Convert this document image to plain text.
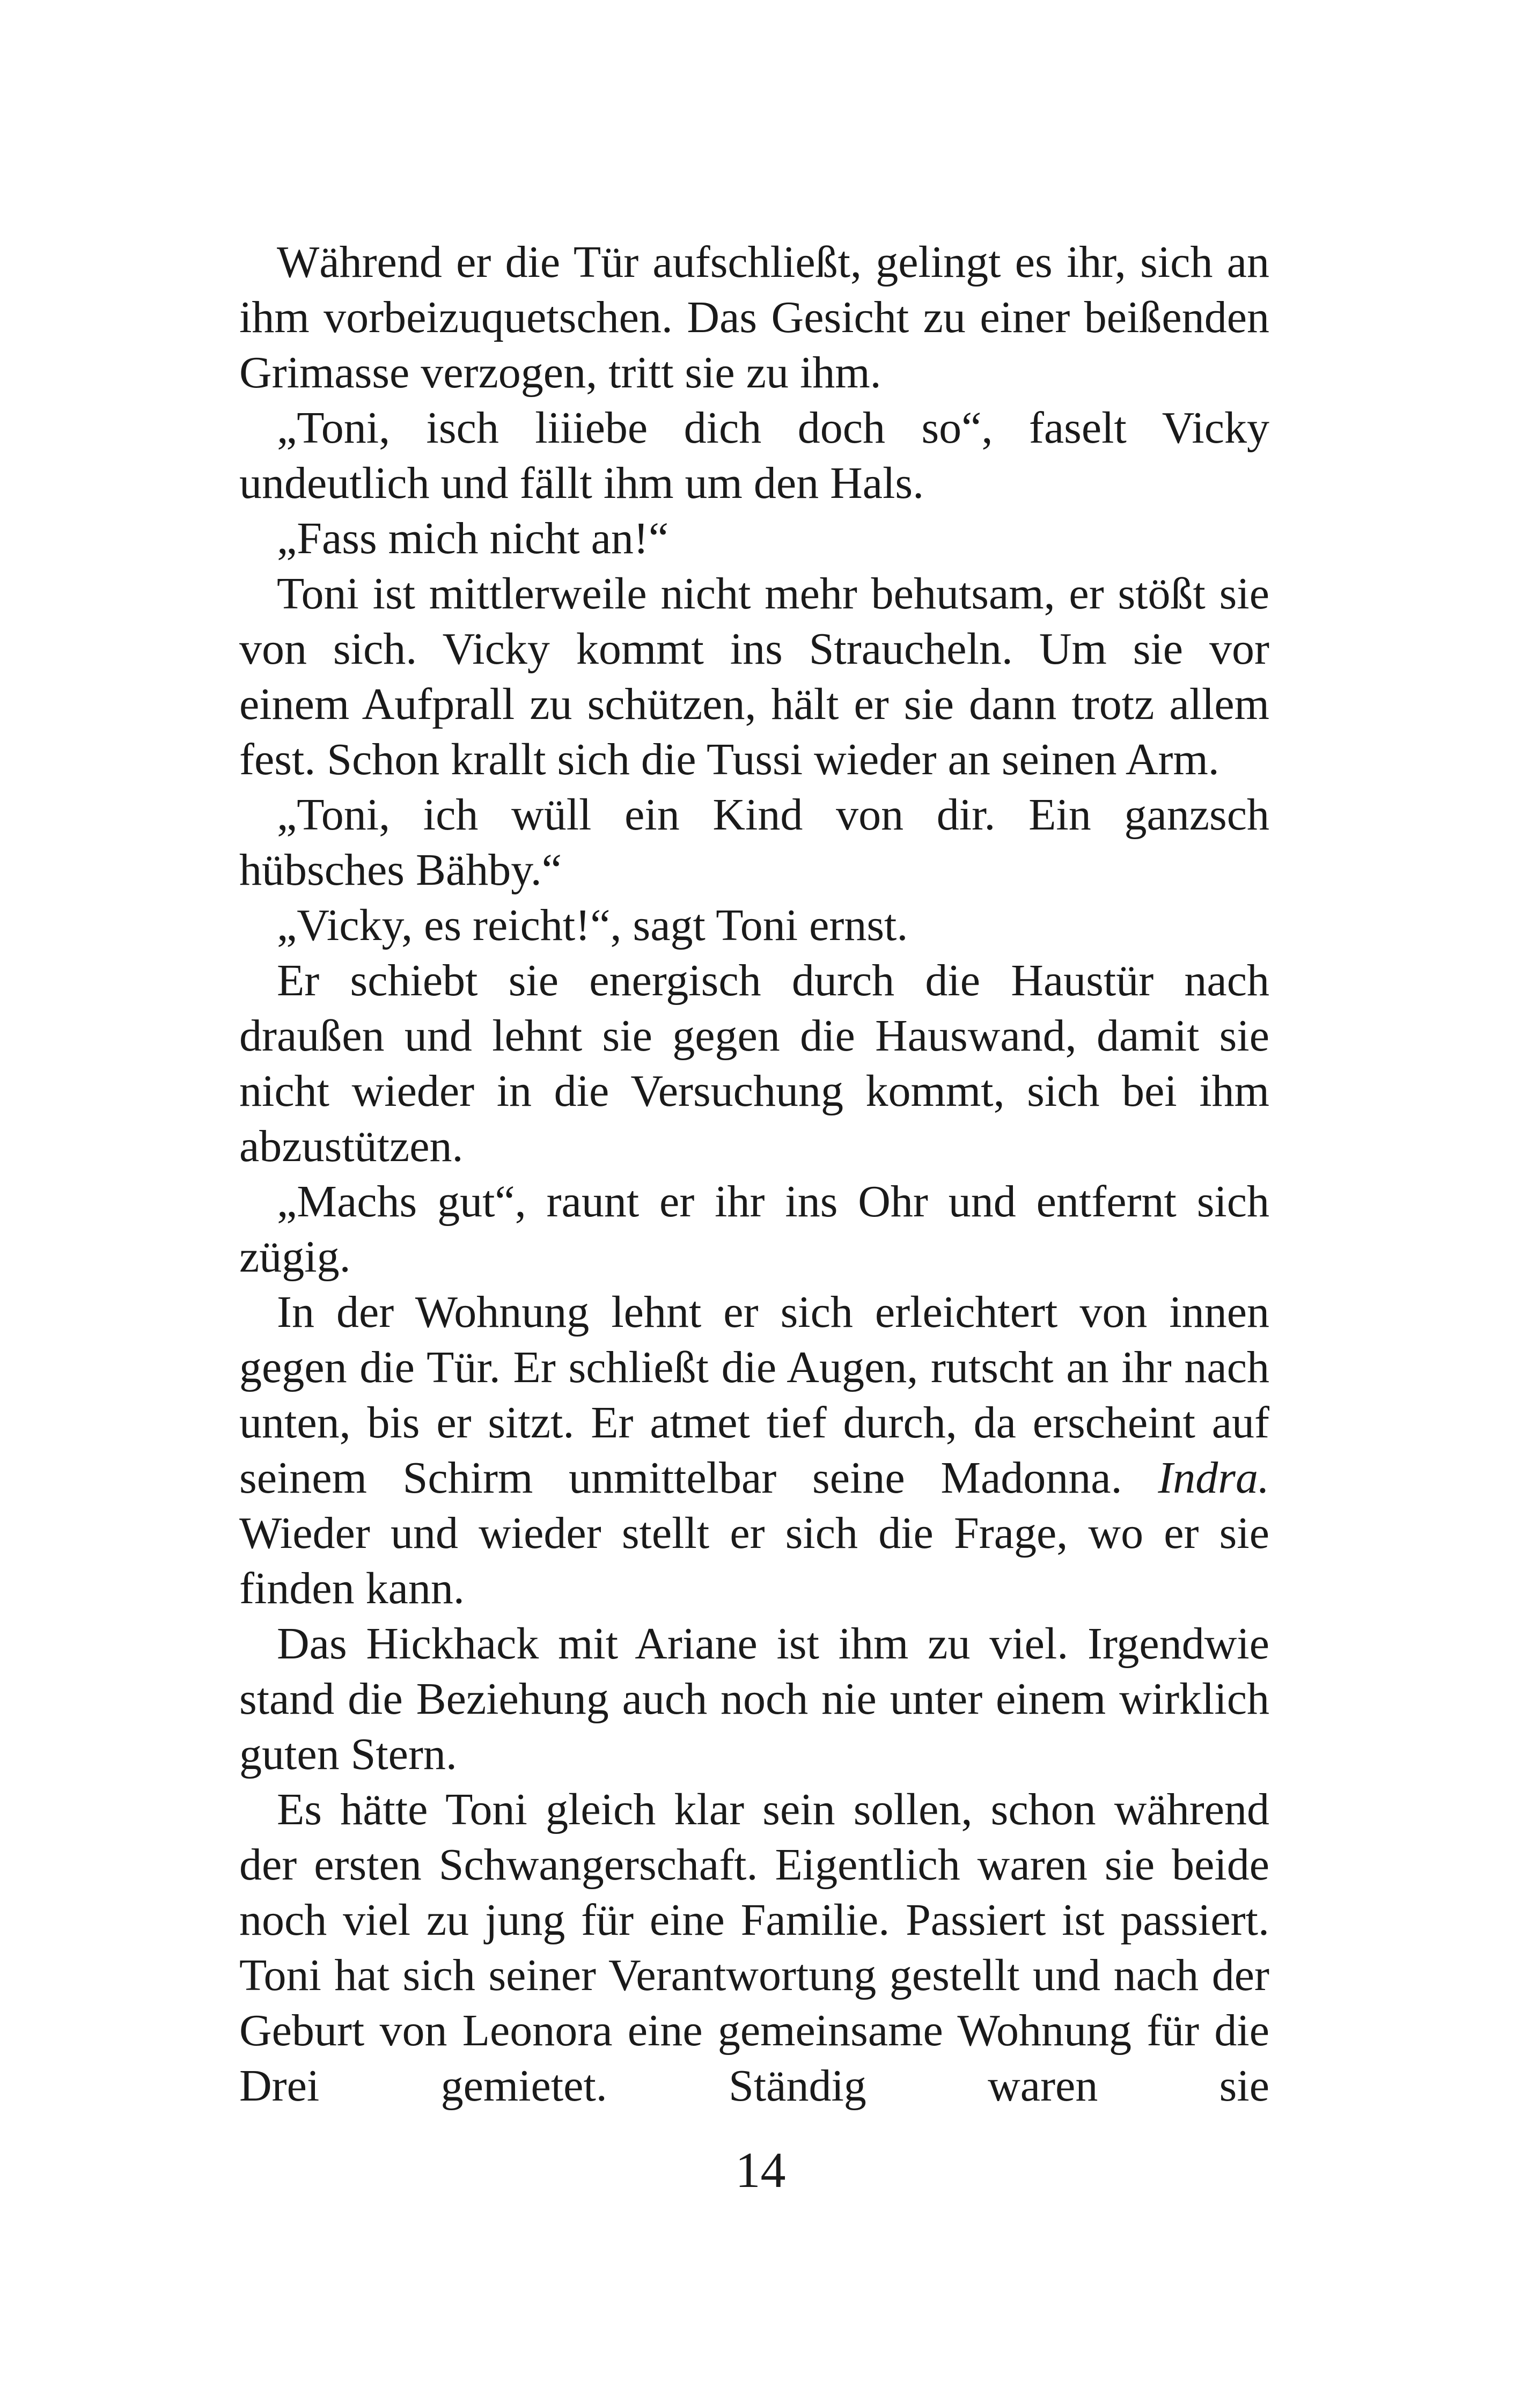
Während er die Tür aufschließt, gelingt es ihr, sich an ihm vorbeizuquetschen. Das Gesicht zu einer beißenden Grimasse verzogen, tritt sie zu ihm.

„Toni, isch liiiebe dich doch so“, faselt Vicky undeutlich und fällt ihm um den Hals.

„Fass mich nicht an!“

Toni ist mittlerweile nicht mehr behutsam, er stößt sie von sich. Vicky kommt ins Straucheln. Um sie vor einem Aufprall zu schützen, hält er sie dann trotz allem fest. Schon krallt sich die Tussi wieder an seinen Arm.

„Toni, ich wüll ein Kind von dir. Ein ganzsch hübsches Bähby.“

„Vicky, es reicht!“, sagt Toni ernst.

Er schiebt sie energisch durch die Haustür nach draußen und lehnt sie gegen die Hauswand, damit sie nicht wieder in die Versuchung kommt, sich bei ihm abzustützen.

„Machs gut“, raunt er ihr ins Ohr und entfernt sich zügig.

In der Wohnung lehnt er sich erleichtert von innen gegen die Tür. Er schließt die Augen, rutscht an ihr nach unten, bis er sitzt. Er atmet tief durch, da erscheint auf seinem Schirm unmittelbar seine Madonna. Indra. Wieder und wieder stellt er sich die Frage, wo er sie finden kann.

Das Hickhack mit Ariane ist ihm zu viel. Irgendwie stand die Beziehung auch noch nie unter einem wirklich guten Stern.

Es hätte Toni gleich klar sein sollen, schon während der ersten Schwangerschaft. Eigentlich waren sie beide noch viel zu jung für eine Familie. Passiert ist passiert. Toni hat sich seiner Verantwortung gestellt und nach der Geburt von Leonora eine gemeinsame Wohnung für die Drei gemietet. Ständig waren sie

14
